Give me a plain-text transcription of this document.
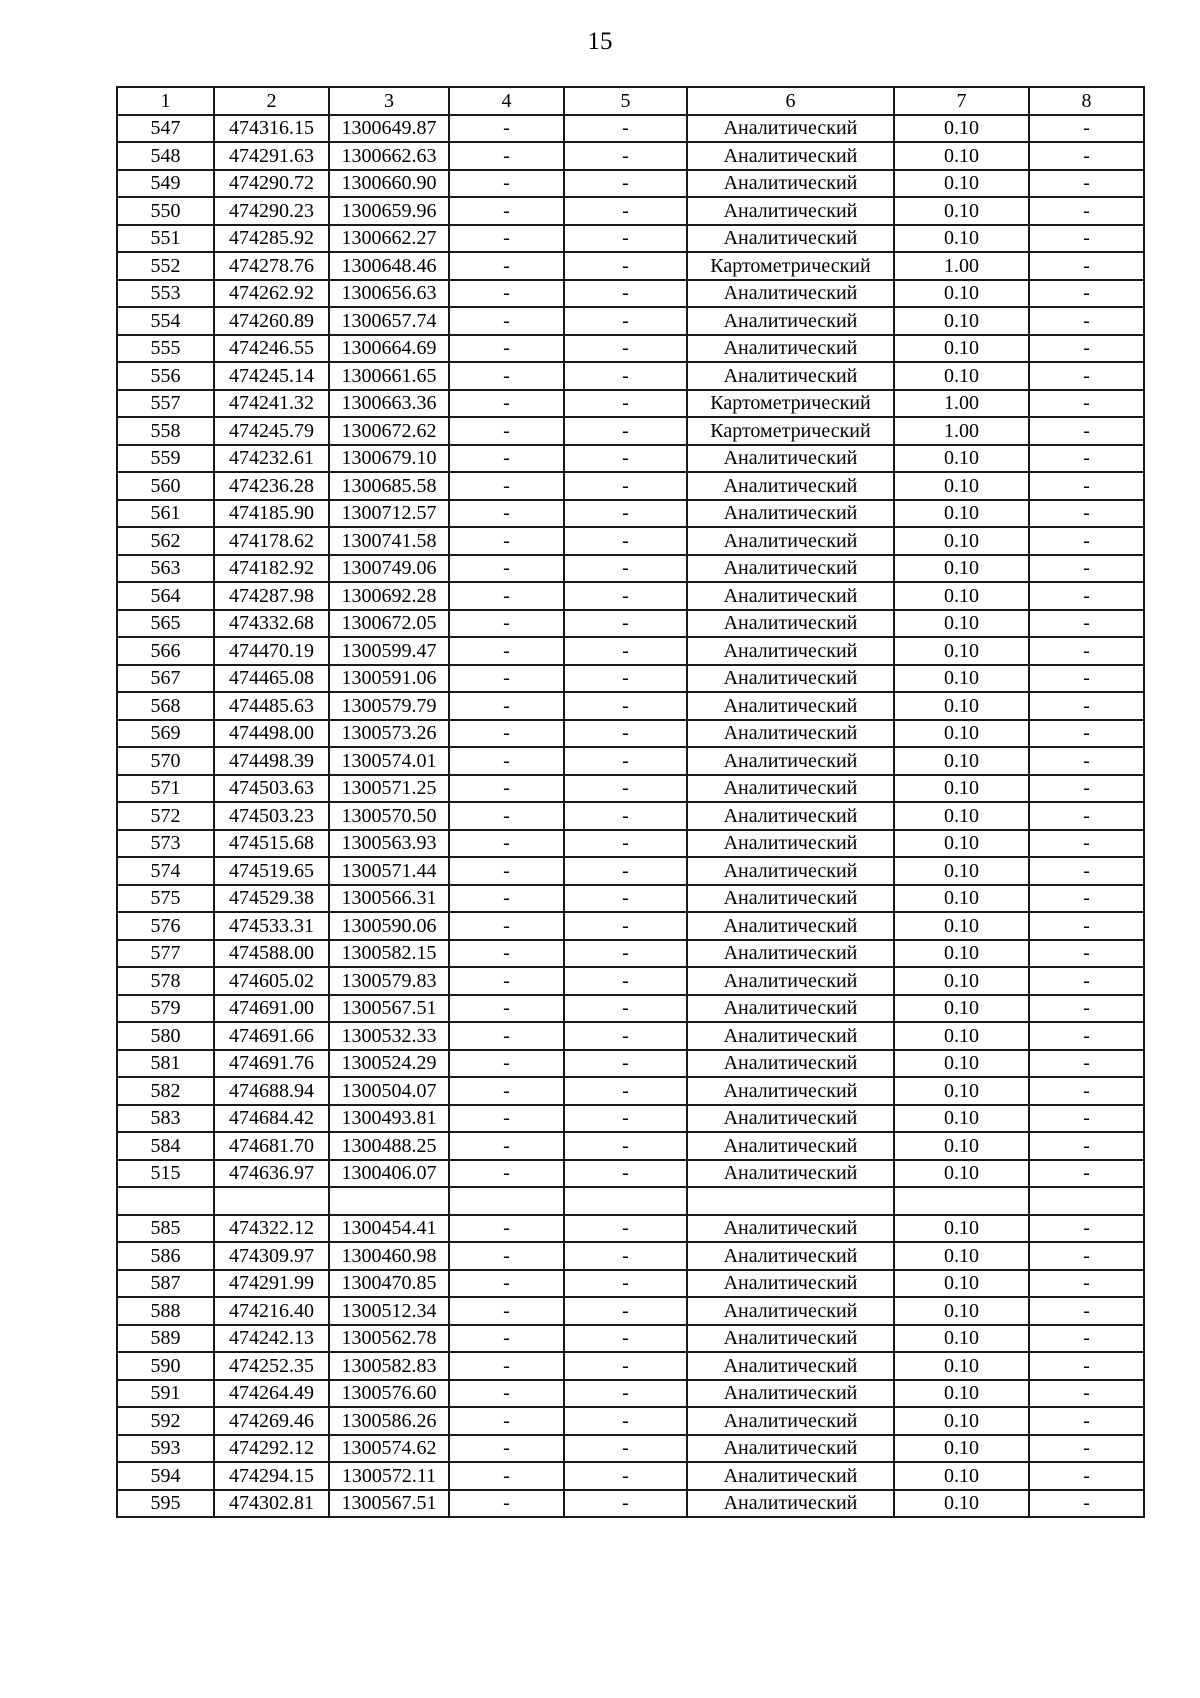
15
1	2	3	4	5	6	7	8
547	474316.15	1300649.87	-	-	Аналитический	0.10	-
548	474291.63	1300662.63	-	-	Аналитический	0.10	-
549	474290.72	1300660.90	-	-	Аналитический	0.10	-
550	474290.23	1300659.96	-	-	Аналитический	0.10	-
551	474285.92	1300662.27	-	-	Аналитический	0.10	-
552	474278.76	1300648.46	-	-	Картометрический	1.00	-
553	474262.92	1300656.63	-	-	Аналитический	0.10	-
554	474260.89	1300657.74	-	-	Аналитический	0.10	-
555	474246.55	1300664.69	-	-	Аналитический	0.10	-
556	474245.14	1300661.65	-	-	Аналитический	0.10	-
557	474241.32	1300663.36	-	-	Картометрический	1.00	-
558	474245.79	1300672.62	-	-	Картометрический	1.00	-
559	474232.61	1300679.10	-	-	Аналитический	0.10	-
560	474236.28	1300685.58	-	-	Аналитический	0.10	-
561	474185.90	1300712.57	-	-	Аналитический	0.10	-
562	474178.62	1300741.58	-	-	Аналитический	0.10	-
563	474182.92	1300749.06	-	-	Аналитический	0.10	-
564	474287.98	1300692.28	-	-	Аналитический	0.10	-
565	474332.68	1300672.05	-	-	Аналитический	0.10	-
566	474470.19	1300599.47	-	-	Аналитический	0.10	-
567	474465.08	1300591.06	-	-	Аналитический	0.10	-
568	474485.63	1300579.79	-	-	Аналитический	0.10	-
569	474498.00	1300573.26	-	-	Аналитический	0.10	-
570	474498.39	1300574.01	-	-	Аналитический	0.10	-
571	474503.63	1300571.25	-	-	Аналитический	0.10	-
572	474503.23	1300570.50	-	-	Аналитический	0.10	-
573	474515.68	1300563.93	-	-	Аналитический	0.10	-
574	474519.65	1300571.44	-	-	Аналитический	0.10	-
575	474529.38	1300566.31	-	-	Аналитический	0.10	-
576	474533.31	1300590.06	-	-	Аналитический	0.10	-
577	474588.00	1300582.15	-	-	Аналитический	0.10	-
578	474605.02	1300579.83	-	-	Аналитический	0.10	-
579	474691.00	1300567.51	-	-	Аналитический	0.10	-
580	474691.66	1300532.33	-	-	Аналитический	0.10	-
581	474691.76	1300524.29	-	-	Аналитический	0.10	-
582	474688.94	1300504.07	-	-	Аналитический	0.10	-
583	474684.42	1300493.81	-	-	Аналитический	0.10	-
584	474681.70	1300488.25	-	-	Аналитический	0.10	-
515	474636.97	1300406.07	-	-	Аналитический	0.10	-

585	474322.12	1300454.41	-	-	Аналитический	0.10	-
586	474309.97	1300460.98	-	-	Аналитический	0.10	-
587	474291.99	1300470.85	-	-	Аналитический	0.10	-
588	474216.40	1300512.34	-	-	Аналитический	0.10	-
589	474242.13	1300562.78	-	-	Аналитический	0.10	-
590	474252.35	1300582.83	-	-	Аналитический	0.10	-
591	474264.49	1300576.60	-	-	Аналитический	0.10	-
592	474269.46	1300586.26	-	-	Аналитический	0.10	-
593	474292.12	1300574.62	-	-	Аналитический	0.10	-
594	474294.15	1300572.11	-	-	Аналитический	0.10	-
595	474302.81	1300567.51	-	-	Аналитический	0.10	-
